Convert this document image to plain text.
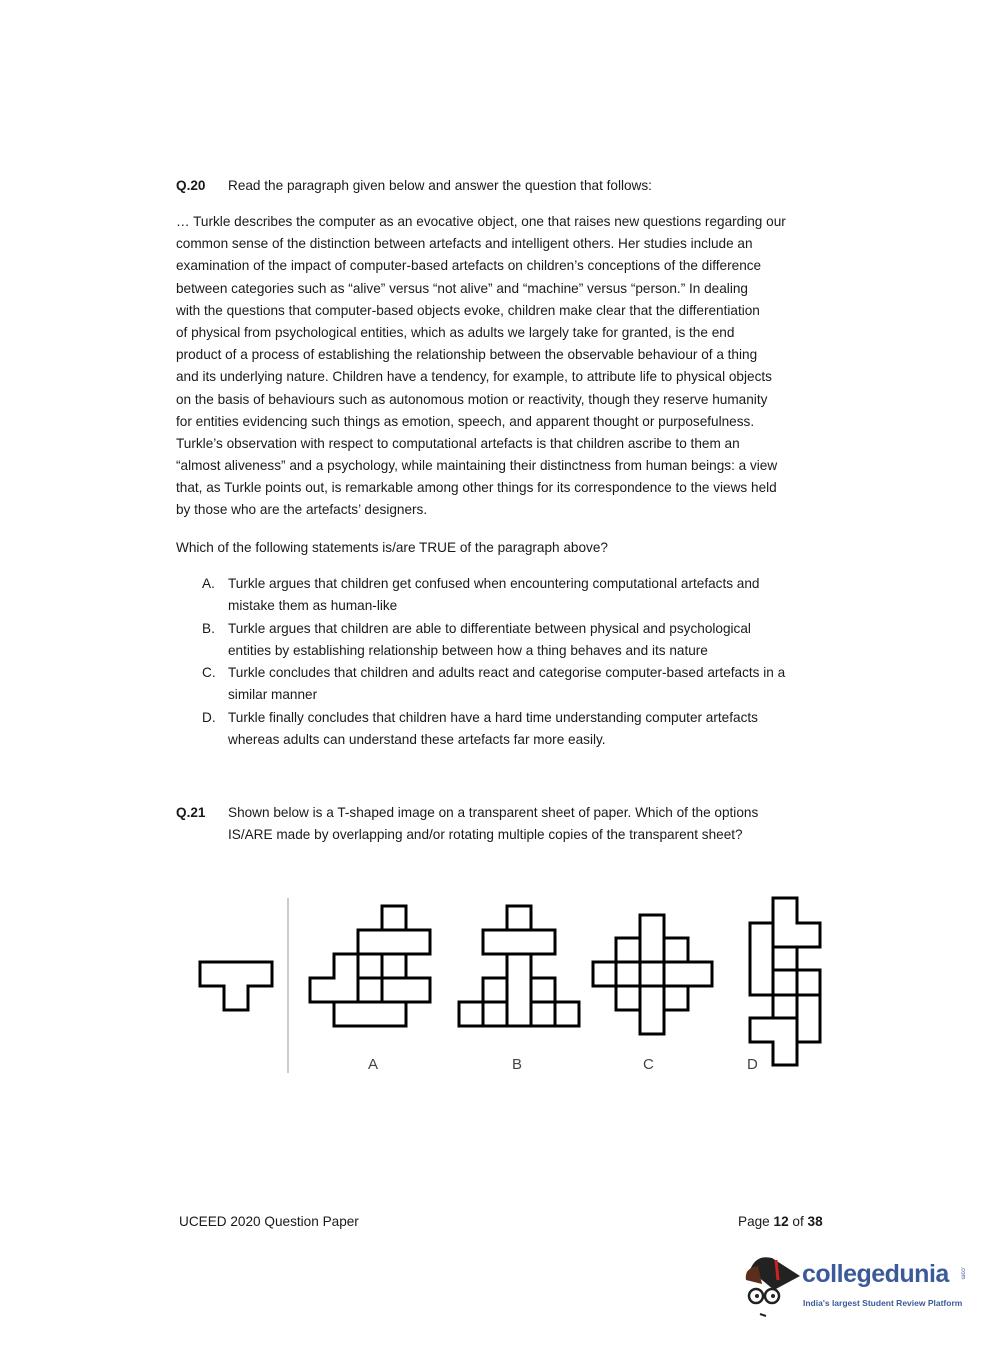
Q.20 Read the paragraph given below and answer the question that follows:
… Turkle describes the computer as an evocative object, one that raises new questions regarding our
common sense of the distinction between artefacts and intelligent others. Her studies include an
examination of the impact of computer-based artefacts on children’s conceptions of the difference
between categories such as “alive” versus “not alive” and “machine” versus “person.” In dealing
with the questions that computer-based objects evoke, children make clear that the differentiation
of physical from psychological entities, which as adults we largely take for granted, is the end
product of a process of establishing the relationship between the observable behaviour of a thing
and its underlying nature. Children have a tendency, for example, to attribute life to physical objects
on the basis of behaviours such as autonomous motion or reactivity, though they reserve humanity
for entities evidencing such things as emotion, speech, and apparent thought or purposefulness.
Turkle’s observation with respect to computational artefacts is that children ascribe to them an
“almost aliveness” and a psychology, while maintaining their distinctness from human beings: a view
that, as Turkle points out, is remarkable among other things for its correspondence to the views held
by those who are the artefacts’ designers.
Which of the following statements is/are TRUE of the paragraph above?
A. Turkle argues that children get confused when encountering computational artefacts and
mistake them as human-like
B. Turkle argues that children are able to differentiate between physical and psychological
entities by establishing relationship between how a thing behaves and its nature
C. Turkle concludes that children and adults react and categorise computer-based artefacts in a
similar manner
D. Turkle finally concludes that children have a hard time understanding computer artefacts
whereas adults can understand these artefacts far more easily.
Q.21 Shown below is a T-shaped image on a transparent sheet of paper. Which of the options
IS/ARE made by overlapping and/or rotating multiple copies of the transparent sheet?
A	B	C	D
UCEED 2020 Question Paper	Page 12 of 38
collegedunia .com
India's largest Student Review Platform
